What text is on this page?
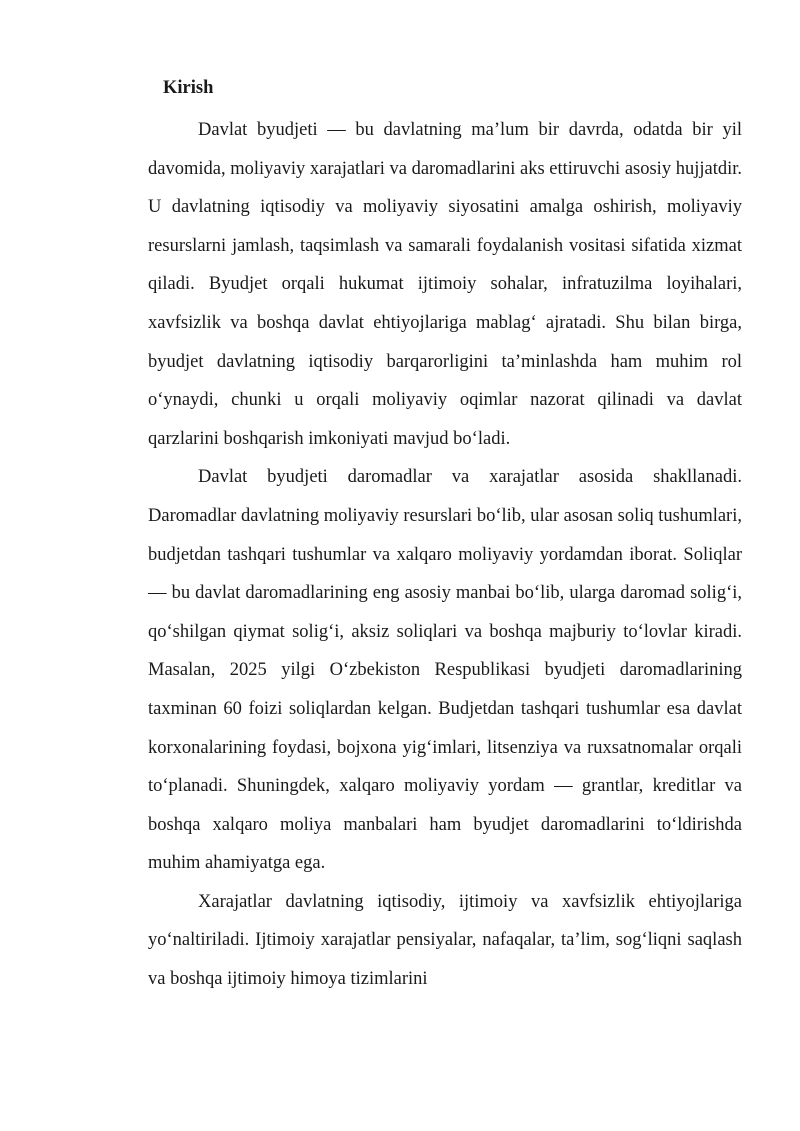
Kirish

Davlat byudjeti — bu davlatning ma’lum bir davrda, odatda bir yil davomida, moliyaviy xarajatlari va daromadlarini aks ettiruvchi asosiy hujjatdir. U davlatning iqtisodiy va moliyaviy siyosatini amalga oshirish, moliyaviy resurslarni jamlash, taqsimlash va samarali foydalanish vositasi sifatida xizmat qiladi. Byudjet orqali hukumat ijtimoiy sohalar, infratuzilma loyihalari, xavfsizlik va boshqa davlat ehtiyojlariga mablag‘ ajratadi. Shu bilan birga, byudjet davlatning iqtisodiy barqarorligini ta’minlashda ham muhim rol o‘ynaydi, chunki u orqali moliyaviy oqimlar nazorat qilinadi va davlat qarzlarini boshqarish imkoniyati mavjud bo‘ladi.

Davlat byudjeti daromadlar va xarajatlar asosida shakllanadi. Daromadlar davlatning moliyaviy resurslari bo‘lib, ular asosan soliq tushumlari, budjetdan tashqari tushumlar va xalqaro moliyaviy yordamdan iborat. Soliqlar — bu davlat daromadlarining eng asosiy manbai bo‘lib, ularga daromad solig‘i, qo‘shilgan qiymat solig‘i, aksiz soliqlari va boshqa majburiy to‘lovlar kiradi. Masalan, 2025 yilgi O‘zbekiston Respublikasi byudjeti daromadlarining taxminan 60 foizi soliqlardan kelgan. Budjetdan tashqari tushumlar esa davlat korxonalarining foydasi, bojxona yig‘imlari, litsenziya va ruxsatnomalar orqali to‘planadi. Shuningdek, xalqaro moliyaviy yordam — grantlar, kreditlar va boshqa xalqaro moliya manbalari ham byudjet daromadlarini to‘ldirishda muhim ahamiyatga ega.

Xarajatlar davlatning iqtisodiy, ijtimoiy va xavfsizlik ehtiyojlariga yo‘naltiriladi. Ijtimoiy xarajatlar pensiyalar, nafaqalar, ta’lim, sog‘liqni saqlash va boshqa ijtimoiy himoya tizimlarini
